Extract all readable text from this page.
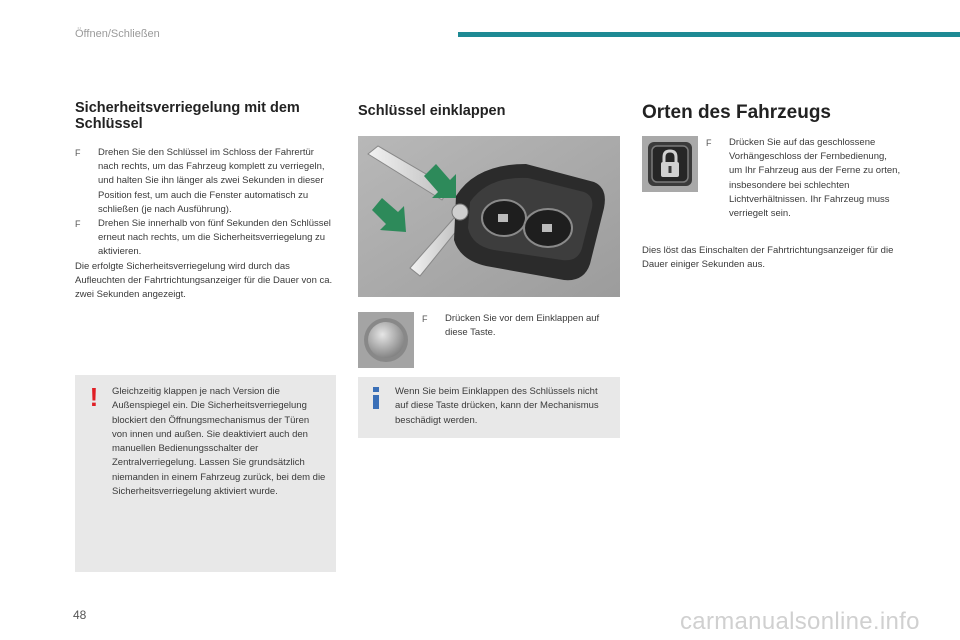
Öffnen/Schließen
Sicherheitsverriegelung mit dem Schlüssel
F	Drehen Sie den Schlüssel im Schloss der Fahrertür nach rechts, um das Fahrzeug komplett zu verriegeln, und halten Sie ihn länger als zwei Sekunden in dieser Position fest, um auch die Fenster automatisch zu schließen (je nach Ausführung).
F	Drehen Sie innerhalb von fünf Sekunden den Schlüssel erneut nach rechts, um die Sicherheitsverriegelung zu aktivieren.
Die erfolgte Sicherheitsverriegelung wird durch das Aufleuchten der Fahrtrichtungsanzeiger für die Dauer von ca. zwei Sekunden angezeigt.
! Gleichzeitig klappen je nach Version die Außenspiegel ein. Die Sicherheitsverriegelung blockiert den Öffnungsmechanismus der Türen von innen und außen. Sie deaktiviert auch den manuellen Bedienungsschalter der Zentralverriegelung. Lassen Sie grundsätzlich niemanden in einem Fahrzeug zurück, bei dem die Sicherheitsverriegelung aktiviert wurde.
Schlüssel einklappen
F	Drücken Sie vor dem Einklappen auf diese Taste.
Wenn Sie beim Einklappen des Schlüssels nicht auf diese Taste drücken, kann der Mechanismus beschädigt werden.
Orten des Fahrzeugs
F	Drücken Sie auf das geschlossene Vorhängeschloss der Fernbedienung, um Ihr Fahrzeug aus der Ferne zu orten, insbesondere bei schlechten Lichtverhältnissen. Ihr Fahrzeug muss verriegelt sein.
Dies löst das Einschalten der Fahrtrichtungsanzeiger für die Dauer einiger Sekunden aus.
48	carmanualsonline.info
